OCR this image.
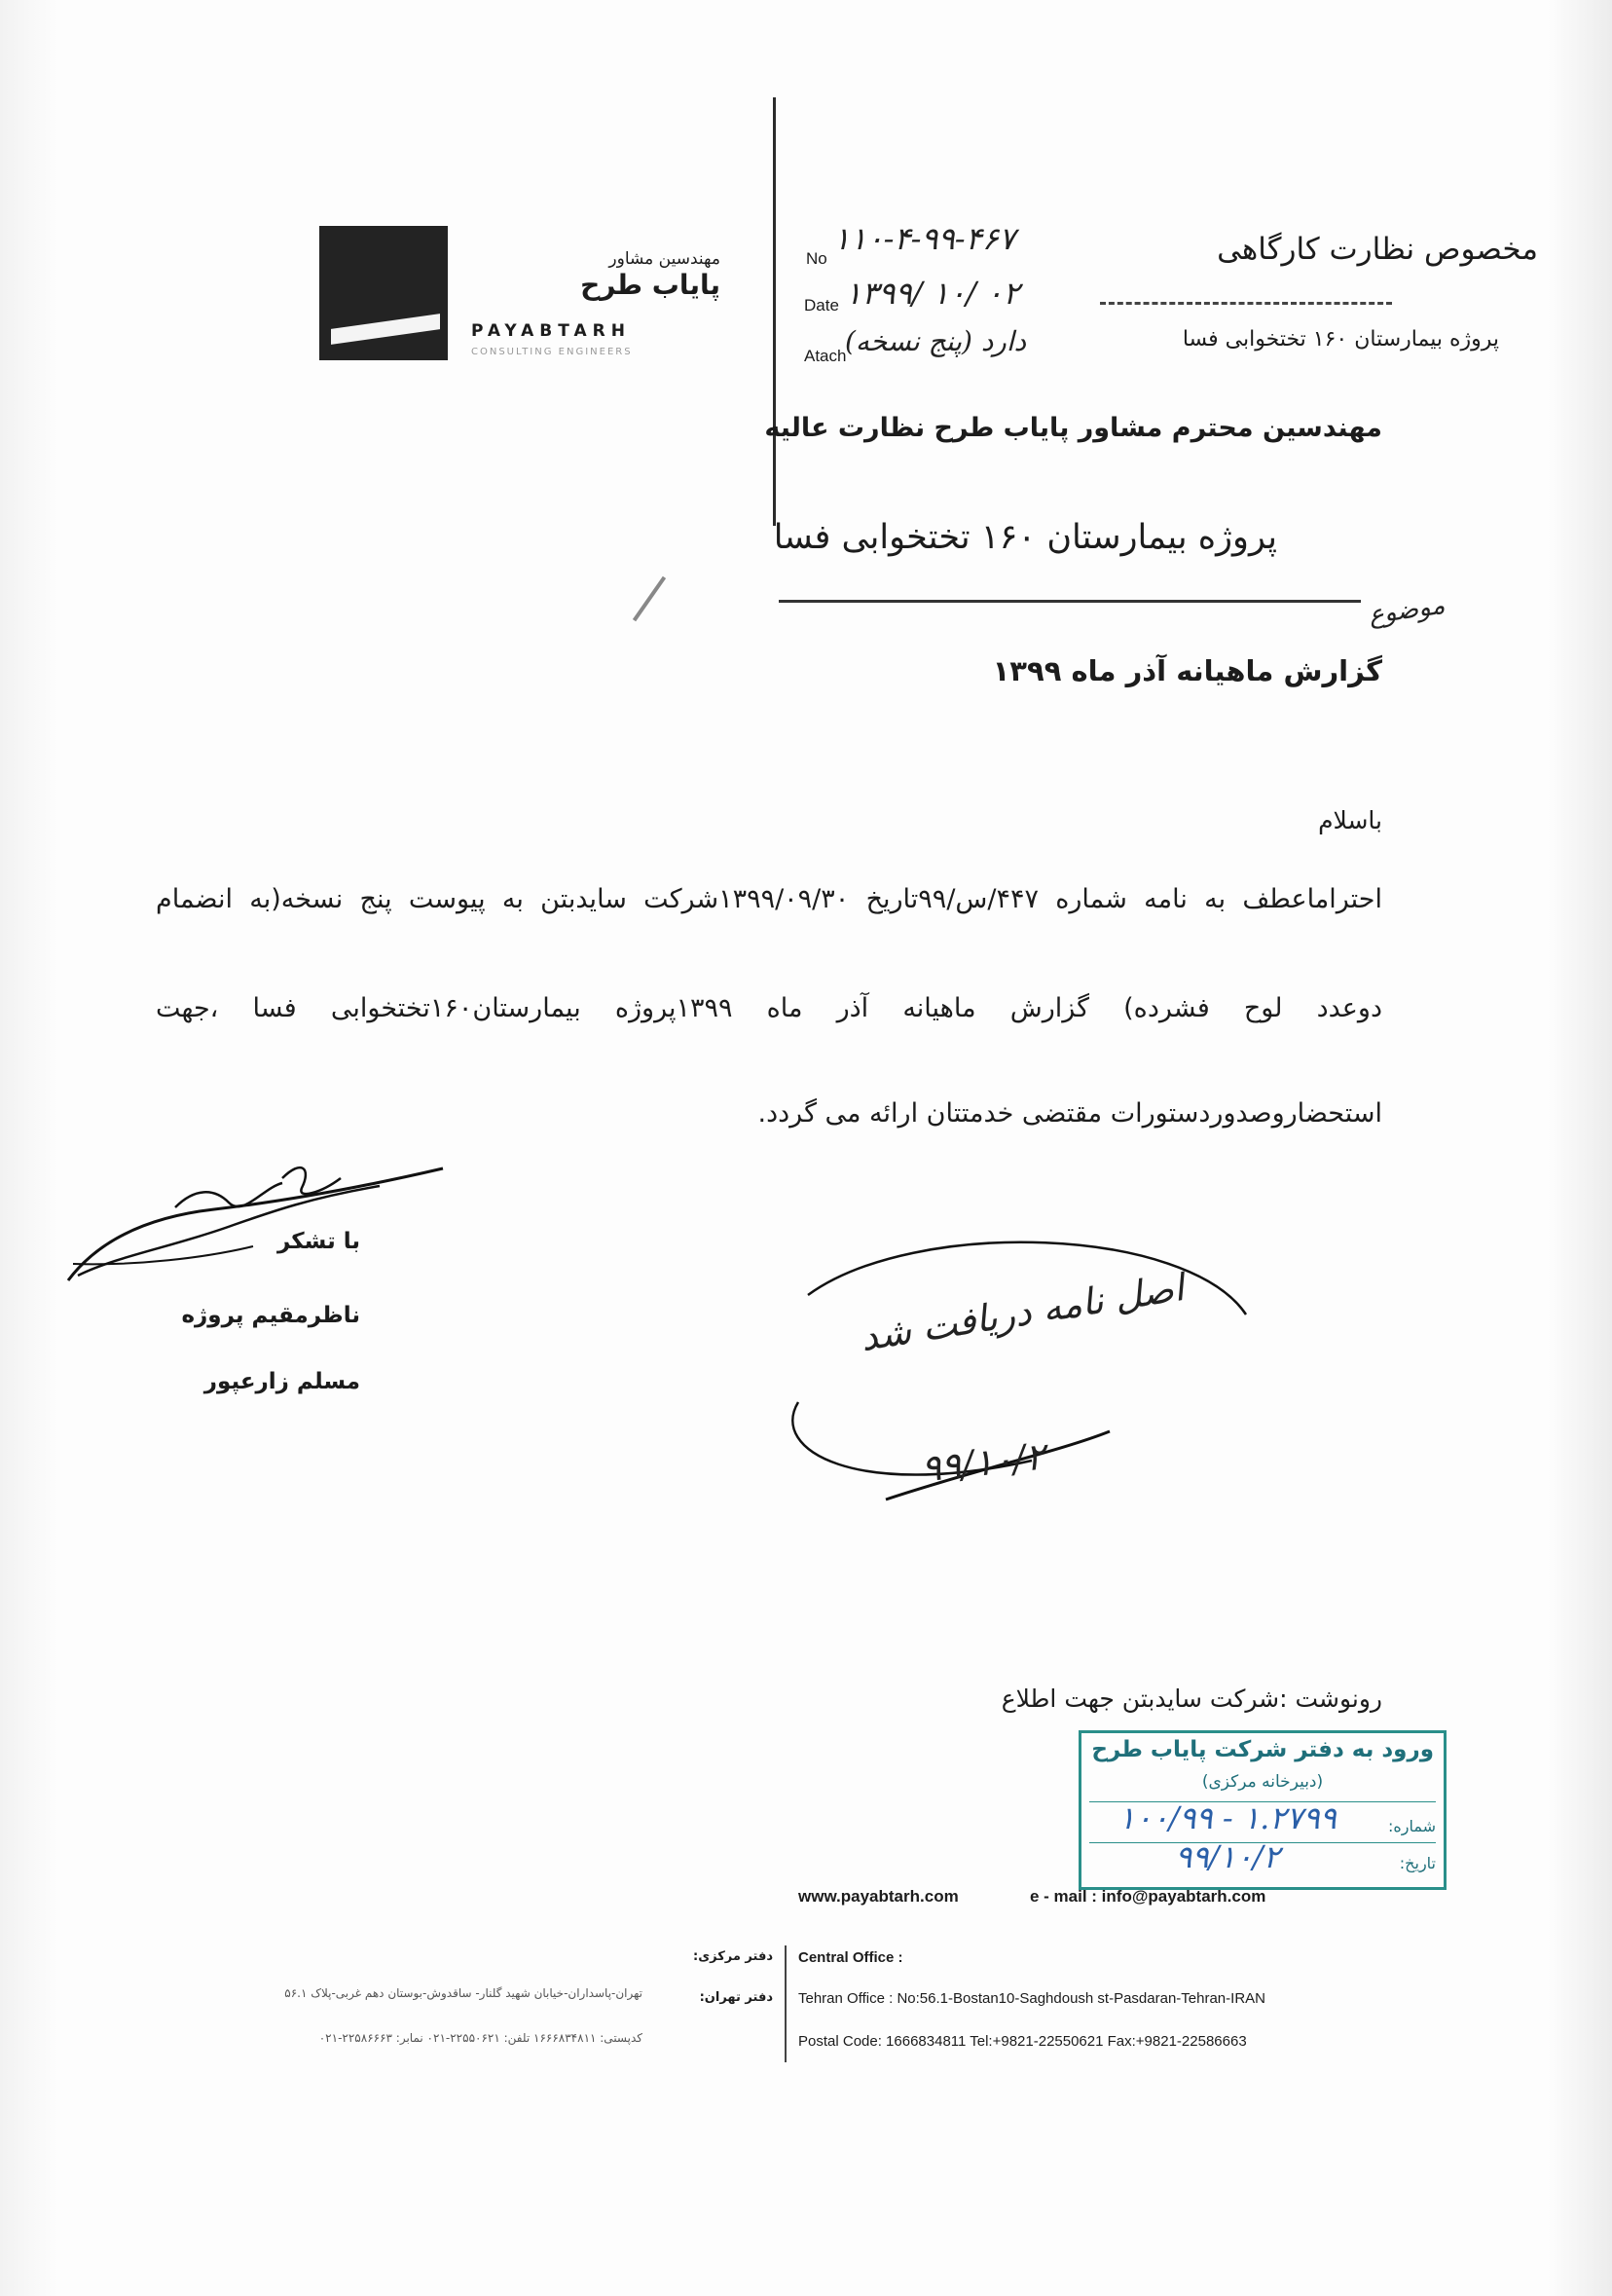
مهندسین مشاور
پایاب طرح
PAYABTARH
CONSULTING ENGINEERS
No
۱۱۰-۴-۹۹-۴۶۷
Date ۱۳۹۹/ ۱۰/ ۰۲
Atach
دارد (پنج نسخه)
مخصوص نظارت کارگاهی
پروژه بیمارستان ۱۶۰ تختخوابی فسا
مهندسین محترم مشاور پایاب طرح نظارت عالیه
پروژه بیمارستان ۱۶۰ تختخوابی فسا
موضوع
گزارش ماهیانه آذر ماه ۱۳۹۹
باسلام
احتراماعطف به نامه شماره ۴۴۷/س/۹۹تاریخ ۱۳۹۹/۰۹/۳۰شرکت سایدبتن به پیوست پنج نسخه(به انضمام
دوعدد لوح فشرده) گزارش ماهیانه آذر ماه ۱۳۹۹پروژه بیمارستان۱۶۰تختخوابی فسا ،جهت
استحضاروصدوردستورات مقتضی خدمتتان ارائه می گردد.
با تشکر
ناظرمقیم پروژه
مسلم زارعپور
اصل نامه دریافت شد
۹۹/۱۰/۲
رونوشت :شرکت سایدبتن جهت اطلاع
ورود به دفتر شرکت پایاب طرح
(دبیرخانه مرکزی)
شماره:
۱۰۰/۹۹ - ۱.۲۷۹۹
تاریخ:
۹۹/۱۰/۲
www.payabtarh.com	e - mail : info@payabtarh.com
Central Office :
Tehran Office : No:56.1-Bostan10-Saghdoush st-Pasdaran-Tehran-IRAN
Postal Code: 1666834811 Tel:+9821-22550621 Fax:+9821-22586663
دفتر مرکزی:
دفتر تهران:
تهران-پاسداران-خیابان شهید گلنار- ساقدوش-بوستان دهم غربی-پلاک ۵۶.۱
کدپستی: ۱۶۶۶۸۳۴۸۱۱ تلفن: ۲۲۵۵۰۶۲۱-۰۲۱ نمابر: ۲۲۵۸۶۶۶۳-۰۲۱
